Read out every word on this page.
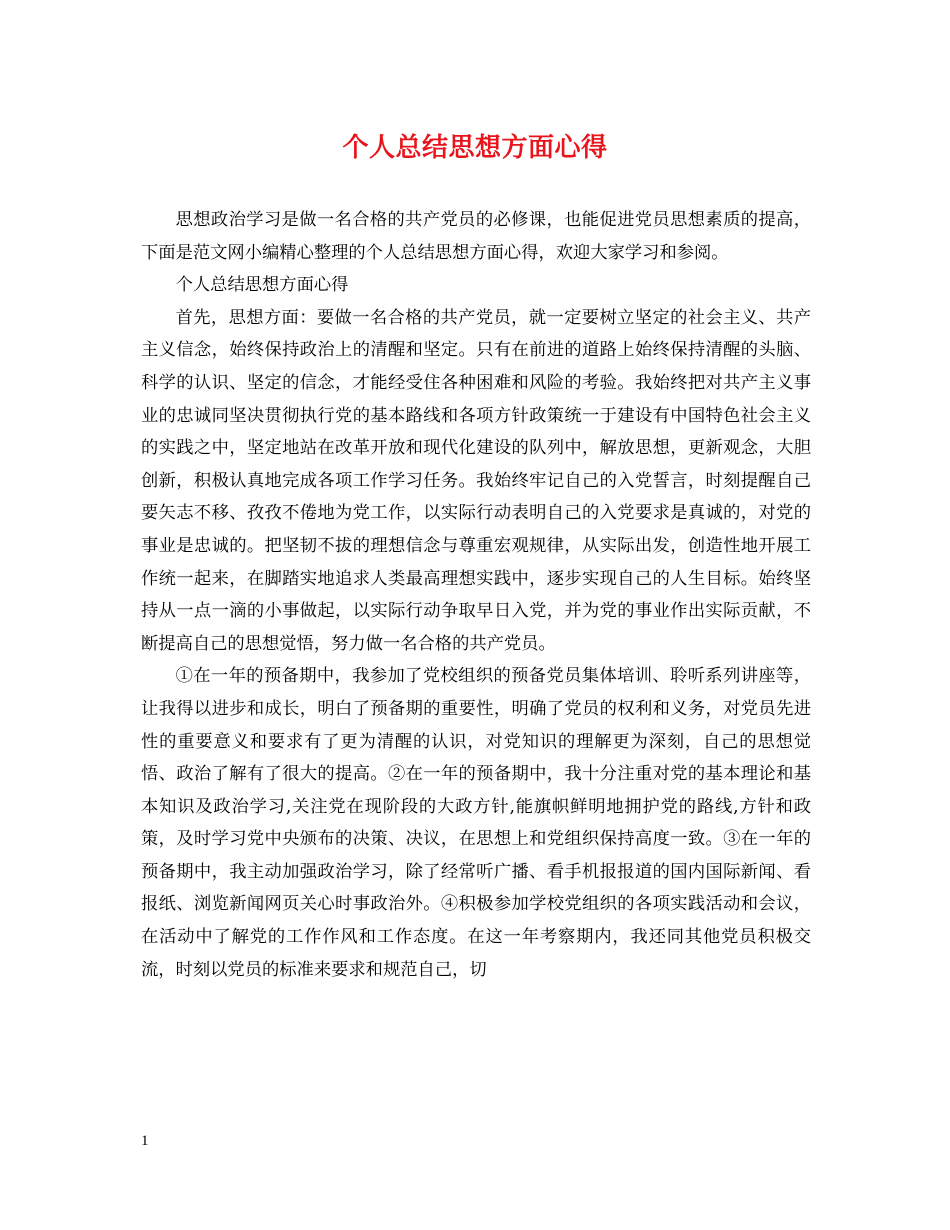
个人总结思想方面心得

思想政治学习是做一名合格的共产党员的必修课，也能促进党员思想素质的提高，下面是范文网小编精心整理的个人总结思想方面心得，欢迎大家学习和参阅。

个人总结思想方面心得

首先，思想方面：要做一名合格的共产党员，就一定要树立坚定的社会主义、共产主义信念，始终保持政治上的清醒和坚定。只有在前进的道路上始终保持清醒的头脑、科学的认识、坚定的信念，才能经受住各种困难和风险的考验。我始终把对共产主义事业的忠诚同坚决贯彻执行党的基本路线和各项方针政策统一于建设有中国特色社会主义的实践之中，坚定地站在改革开放和现代化建设的队列中，解放思想，更新观念，大胆创新，积极认真地完成各项工作学习任务。我始终牢记自己的入党誓言，时刻提醒自己要矢志不移、孜孜不倦地为党工作，以实际行动表明自己的入党要求是真诚的，对党的事业是忠诚的。把坚韧不拔的理想信念与尊重宏观规律，从实际出发，创造性地开展工作统一起来，在脚踏实地追求人类最高理想实践中，逐步实现自己的人生目标。始终坚持从一点一滴的小事做起，以实际行动争取早日入党，并为党的事业作出实际贡献，不断提高自己的思想觉悟，努力做一名合格的共产党员。

①在一年的预备期中，我参加了党校组织的预备党员集体培训、聆听系列讲座等，让我得以进步和成长，明白了预备期的重要性，明确了党员的权利和义务，对党员先进性的重要意义和要求有了更为清醒的认识，对党知识的理解更为深刻，自己的思想觉悟、政治了解有了很大的提高。②在一年的预备期中，我十分注重对党的基本理论和基本知识及政治学习,关注党在现阶段的大政方针,能旗帜鲜明地拥护党的路线,方针和政策，及时学习党中央颁布的决策、决议，在思想上和党组织保持高度一致。③在一年的预备期中，我主动加强政治学习，除了经常听广播、看手机报报道的国内国际新闻、看报纸、浏览新闻网页关心时事政治外。④积极参加学校党组织的各项实践活动和会议，在活动中了解党的工作作风和工作态度。在这一年考察期内，我还同其他党员积极交流，时刻以党员的标准来要求和规范自己，切

1
